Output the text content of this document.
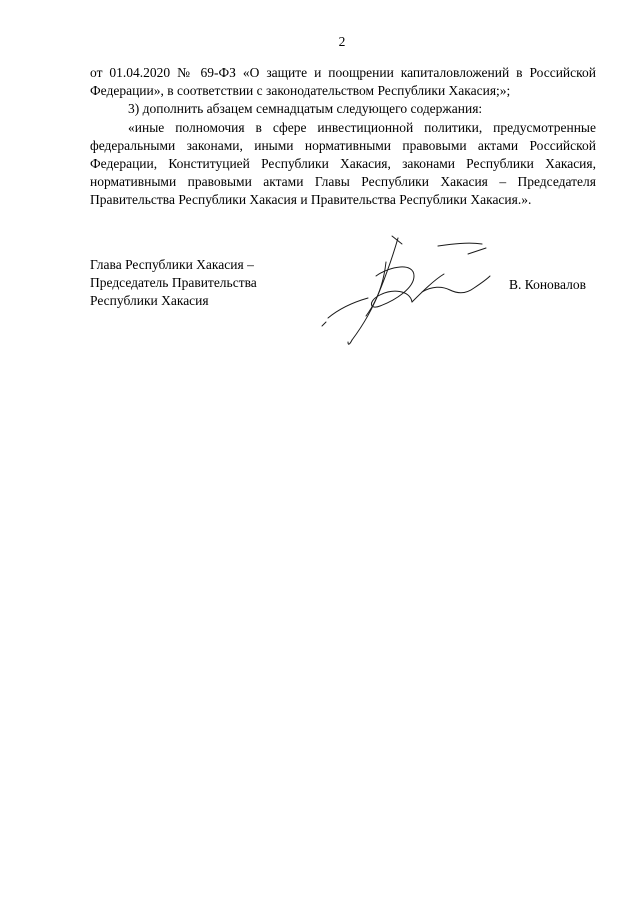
2

от 01.04.2020 № 69-ФЗ «О защите и поощрении капиталовложений в Российской Федерации», в соответствии с законодательством Республики Хакасия;»;

3) дополнить абзацем семнадцатым следующего содержания:

«иные полномочия в сфере инвестиционной политики, предусмотренные федеральными законами, иными нормативными правовыми актами Российской Федерации, Конституцией Республики Хакасия, законами Республики Хакасия, нормативными правовыми актами Главы Республики Хакасия – Председателя Правительства Республики Хакасия и Правительства Республики Хакасия.».

Глава Республики Хакасия –
Председатель Правительства
Республики Хакасия
В. Коновалов
